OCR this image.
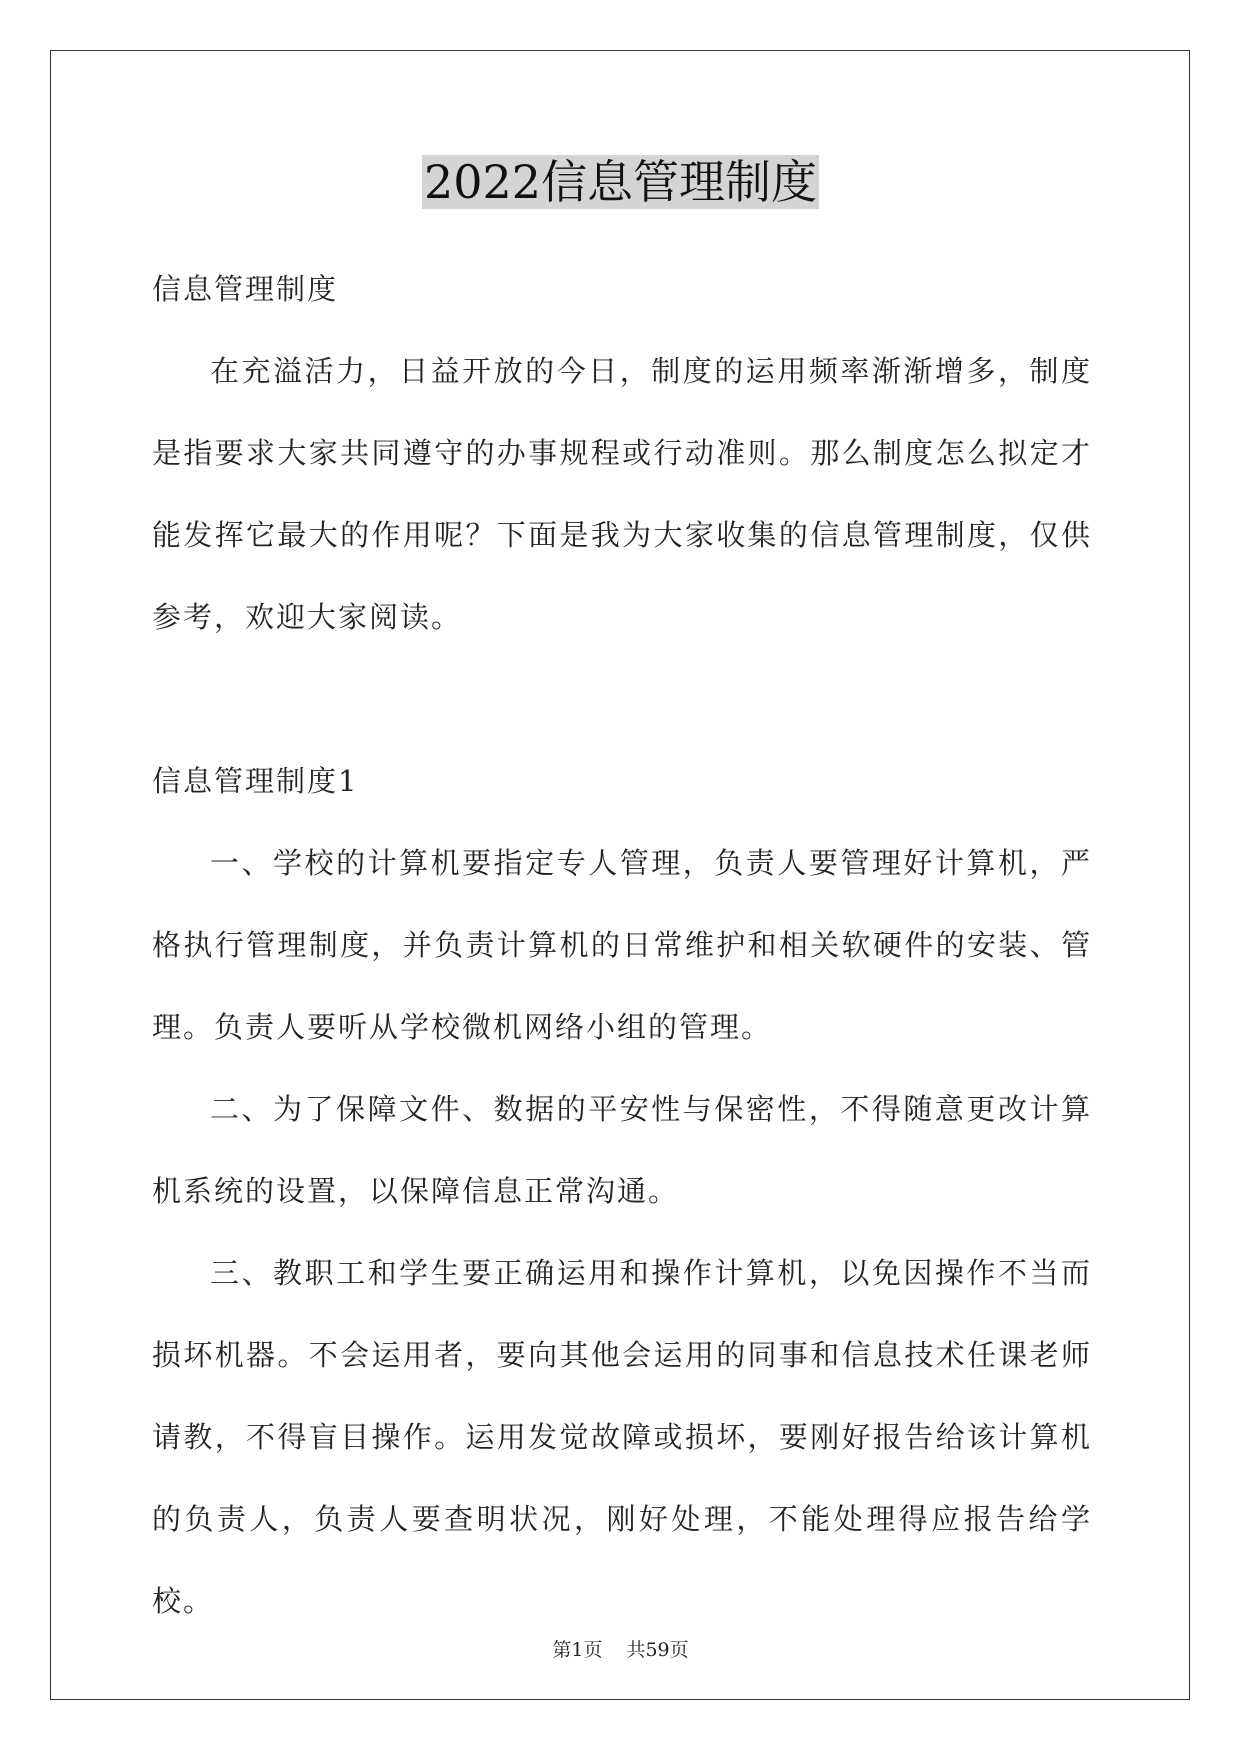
2022信息管理制度

信息管理制度

在充溢活力，日益开放的今日，制度的运用频率渐渐增多，制度是指要求大家共同遵守的办事规程或行动准则。那么制度怎么拟定才能发挥它最大的作用呢？下面是我为大家收集的信息管理制度，仅供参考，欢迎大家阅读。

信息管理制度1

一、学校的计算机要指定专人管理，负责人要管理好计算机，严格执行管理制度，并负责计算机的日常维护和相关软硬件的安装、管理。负责人要听从学校微机网络小组的管理。

二、为了保障文件、数据的平安性与保密性，不得随意更改计算机系统的设置，以保障信息正常沟通。

三、教职工和学生要正确运用和操作计算机，以免因操作不当而损坏机器。不会运用者，要向其他会运用的同事和信息技术任课老师请教，不得盲目操作。运用发觉故障或损坏，要刚好报告给该计算机的负责人，负责人要查明状况，刚好处理，不能处理得应报告给学校。

第1页 共59页
